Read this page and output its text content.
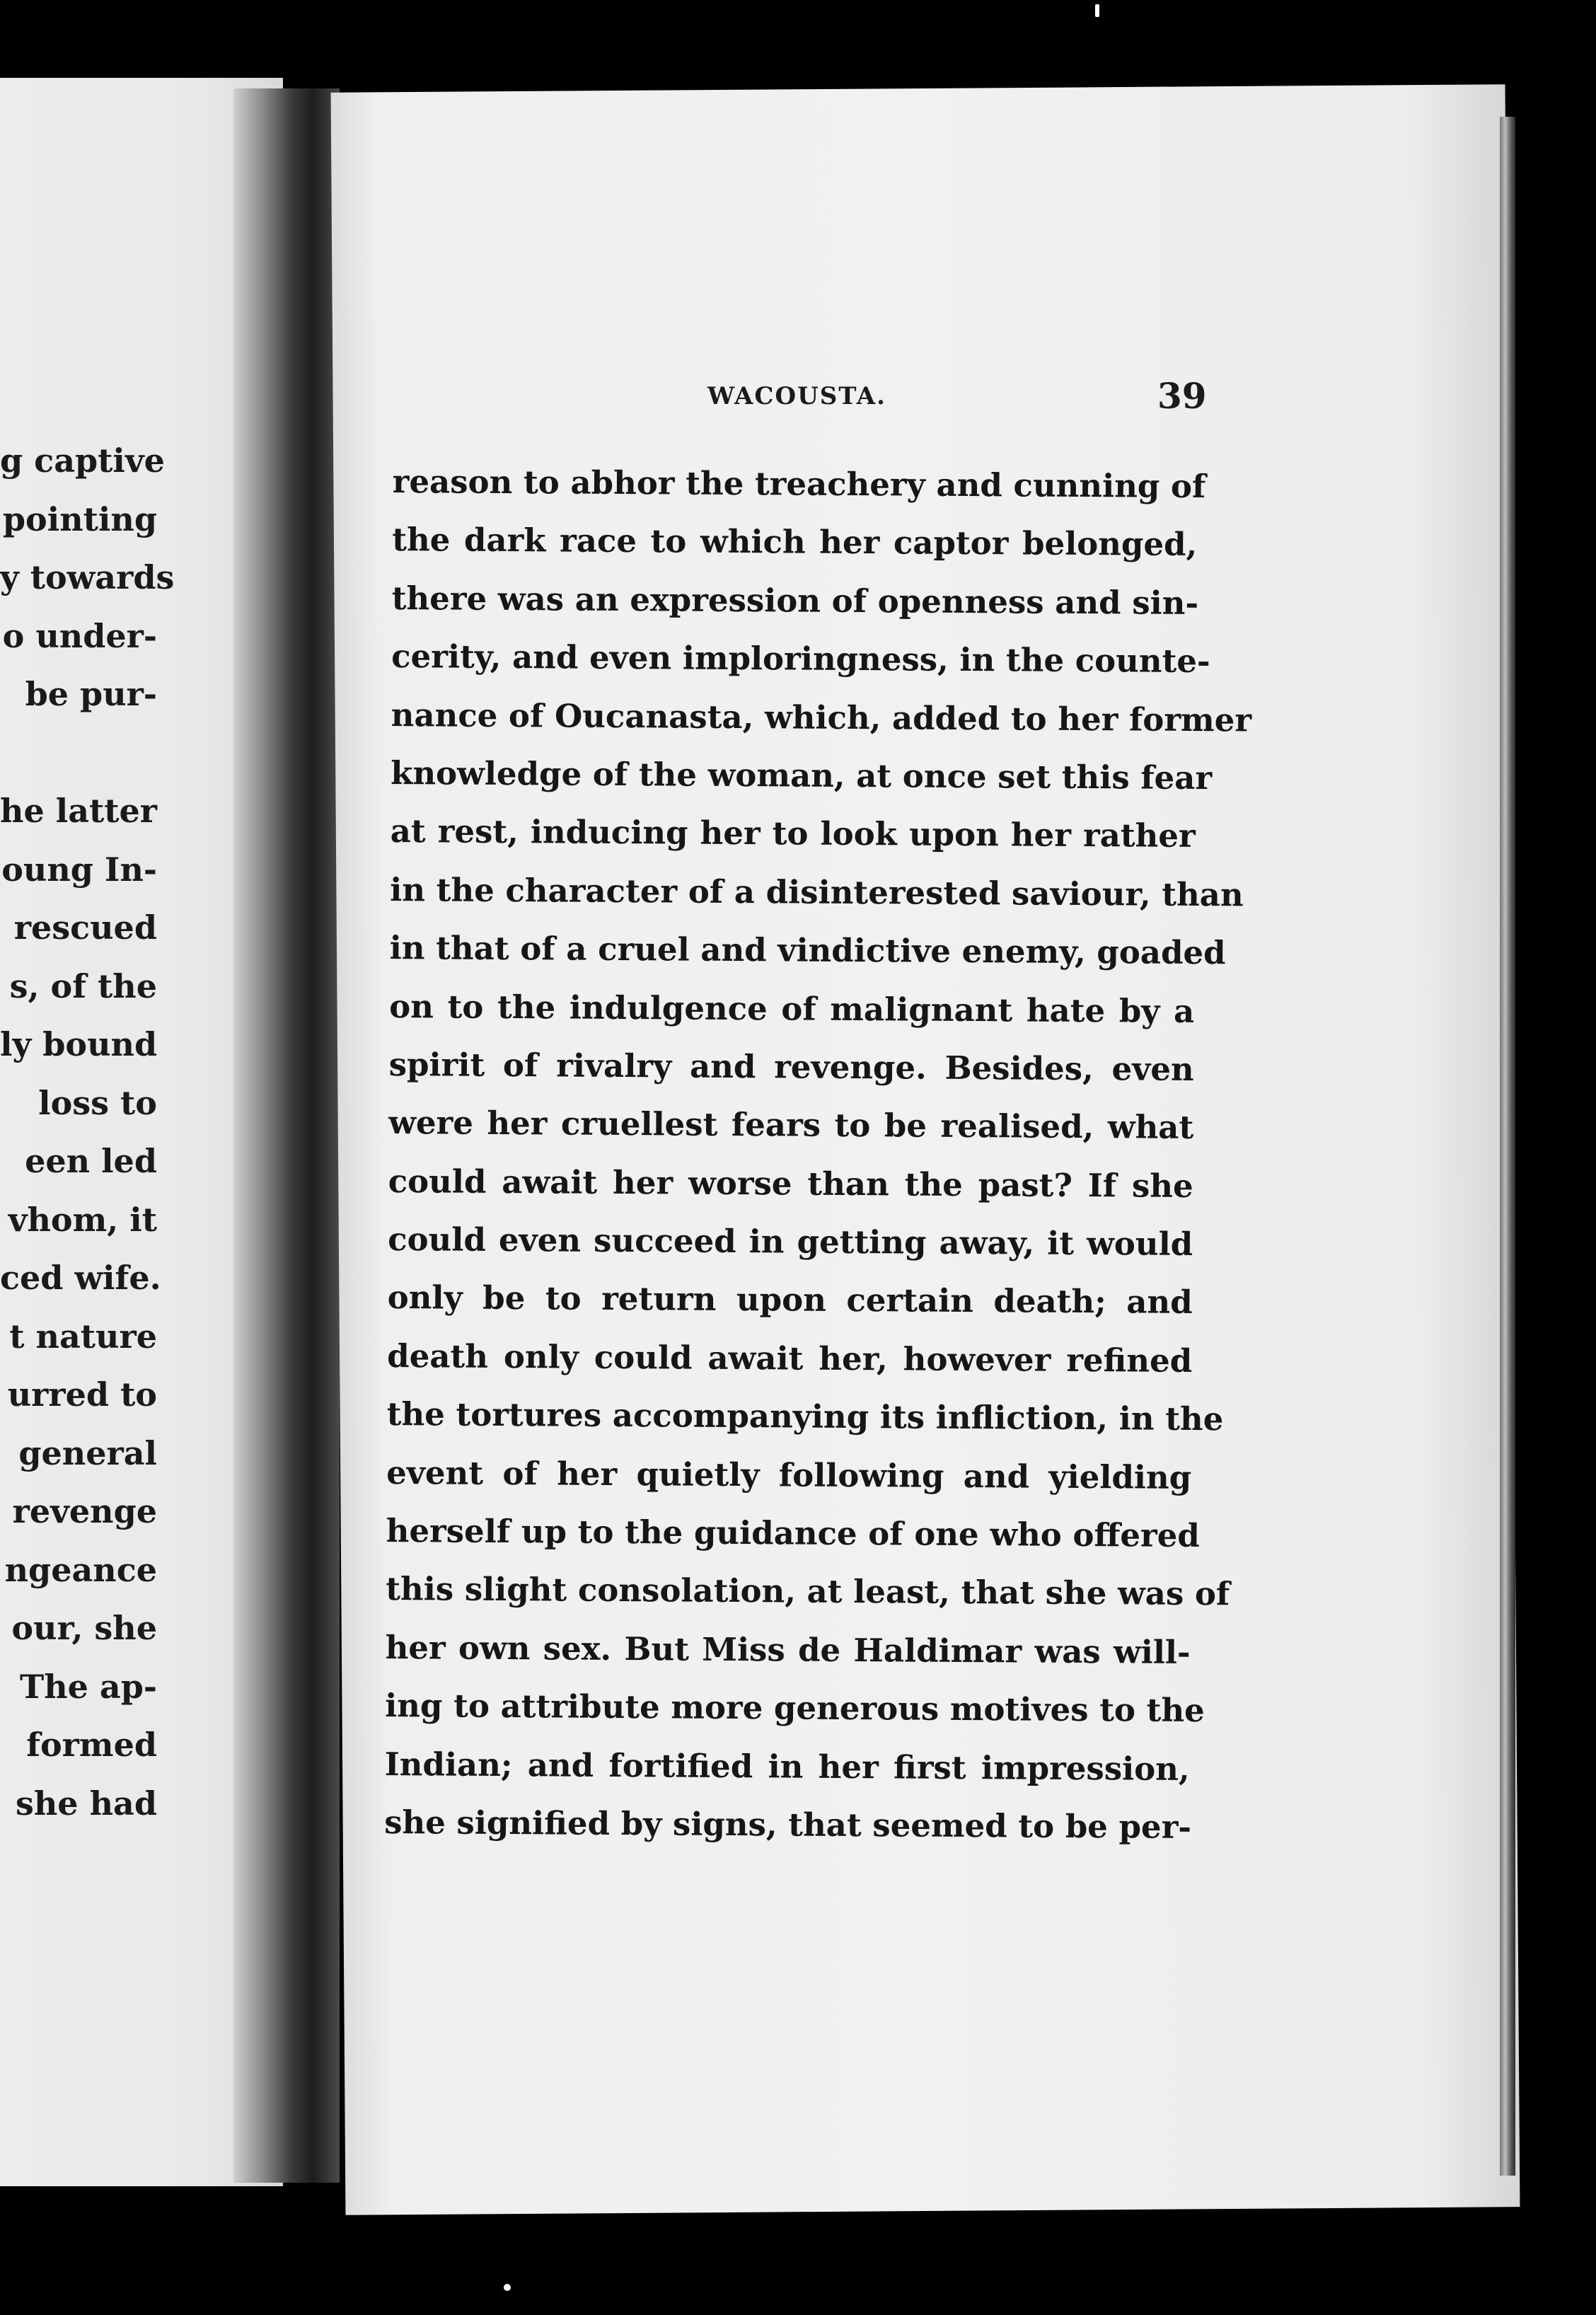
g captive
pointing
y towards
o under-
be pur-
he latter
oung In-
rescued
s, of the
ly bound
loss to
een led
vhom, it
ced wife.
t nature
urred to
general
revenge
ngeance
our, she
The ap-
formed
she had
WACOUSTA.	39
reason to abhor the treachery and cunning of
the dark race to which her captor belonged,
there was an expression of openness and sin-
cerity, and even imploringness, in the counte-
nance of Oucanasta, which, added to her former
knowledge of the woman, at once set this fear
at rest, inducing her to look upon her rather
in the character of a disinterested saviour, than
in that of a cruel and vindictive enemy, goaded
on to the indulgence of malignant hate by a
spirit of rivalry and revenge. Besides, even
were her cruellest fears to be realised, what
could await her worse than the past? If she
could even succeed in getting away, it would
only be to return upon certain death; and
death only could await her, however refined
the tortures accompanying its infliction, in the
event of her quietly following and yielding
herself up to the guidance of one who offered
this slight consolation, at least, that she was of
her own sex. But Miss de Haldimar was will-
ing to attribute more generous motives to the
Indian; and fortified in her first impression,
she signified by signs, that seemed to be per-
